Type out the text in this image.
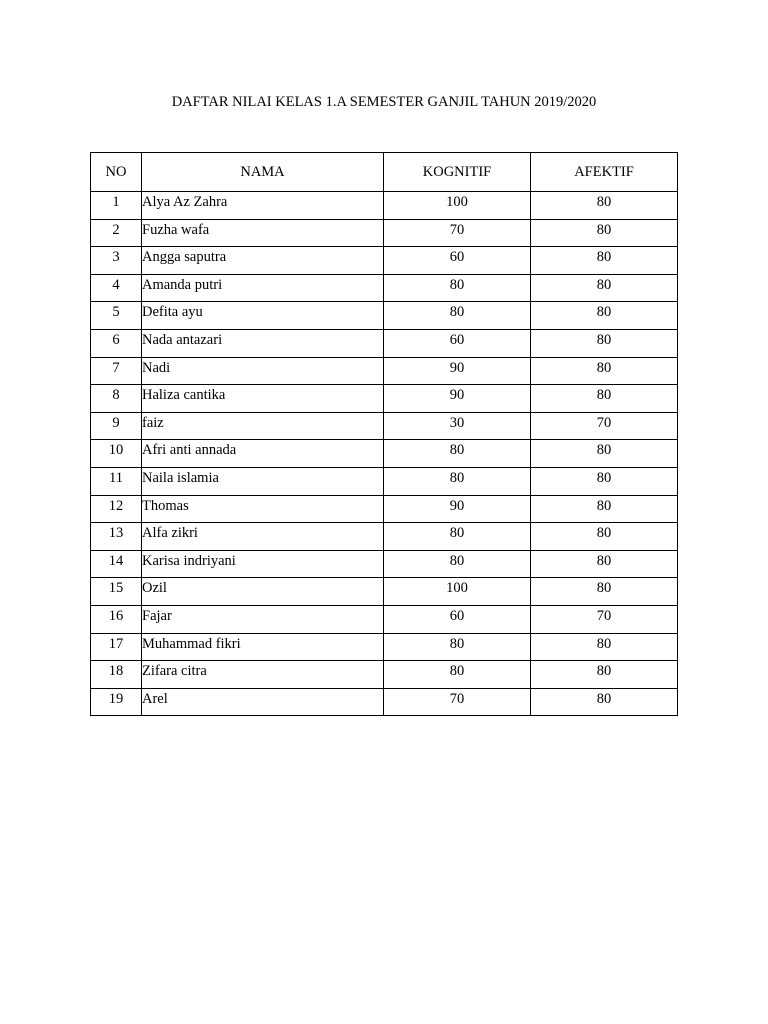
DAFTAR NILAI KELAS 1.A SEMESTER GANJIL TAHUN 2019/2020
NO	NAMA	KOGNITIF	AFEKTIF
1	Alya Az Zahra	100	80
2	Fuzha wafa	70	80
3	Angga saputra	60	80
4	Amanda putri	80	80
5	Defita ayu	80	80
6	Nada antazari	60	80
7	Nadi	90	80
8	Haliza cantika	90	80
9	faiz	30	70
10	Afri anti annada	80	80
11	Naila islamia	80	80
12	Thomas	90	80
13	Alfa zikri	80	80
14	Karisa indriyani	80	80
15	Ozil	100	80
16	Fajar	60	70
17	Muhammad fikri	80	80
18	Zifara citra	80	80
19	Arel	70	80
